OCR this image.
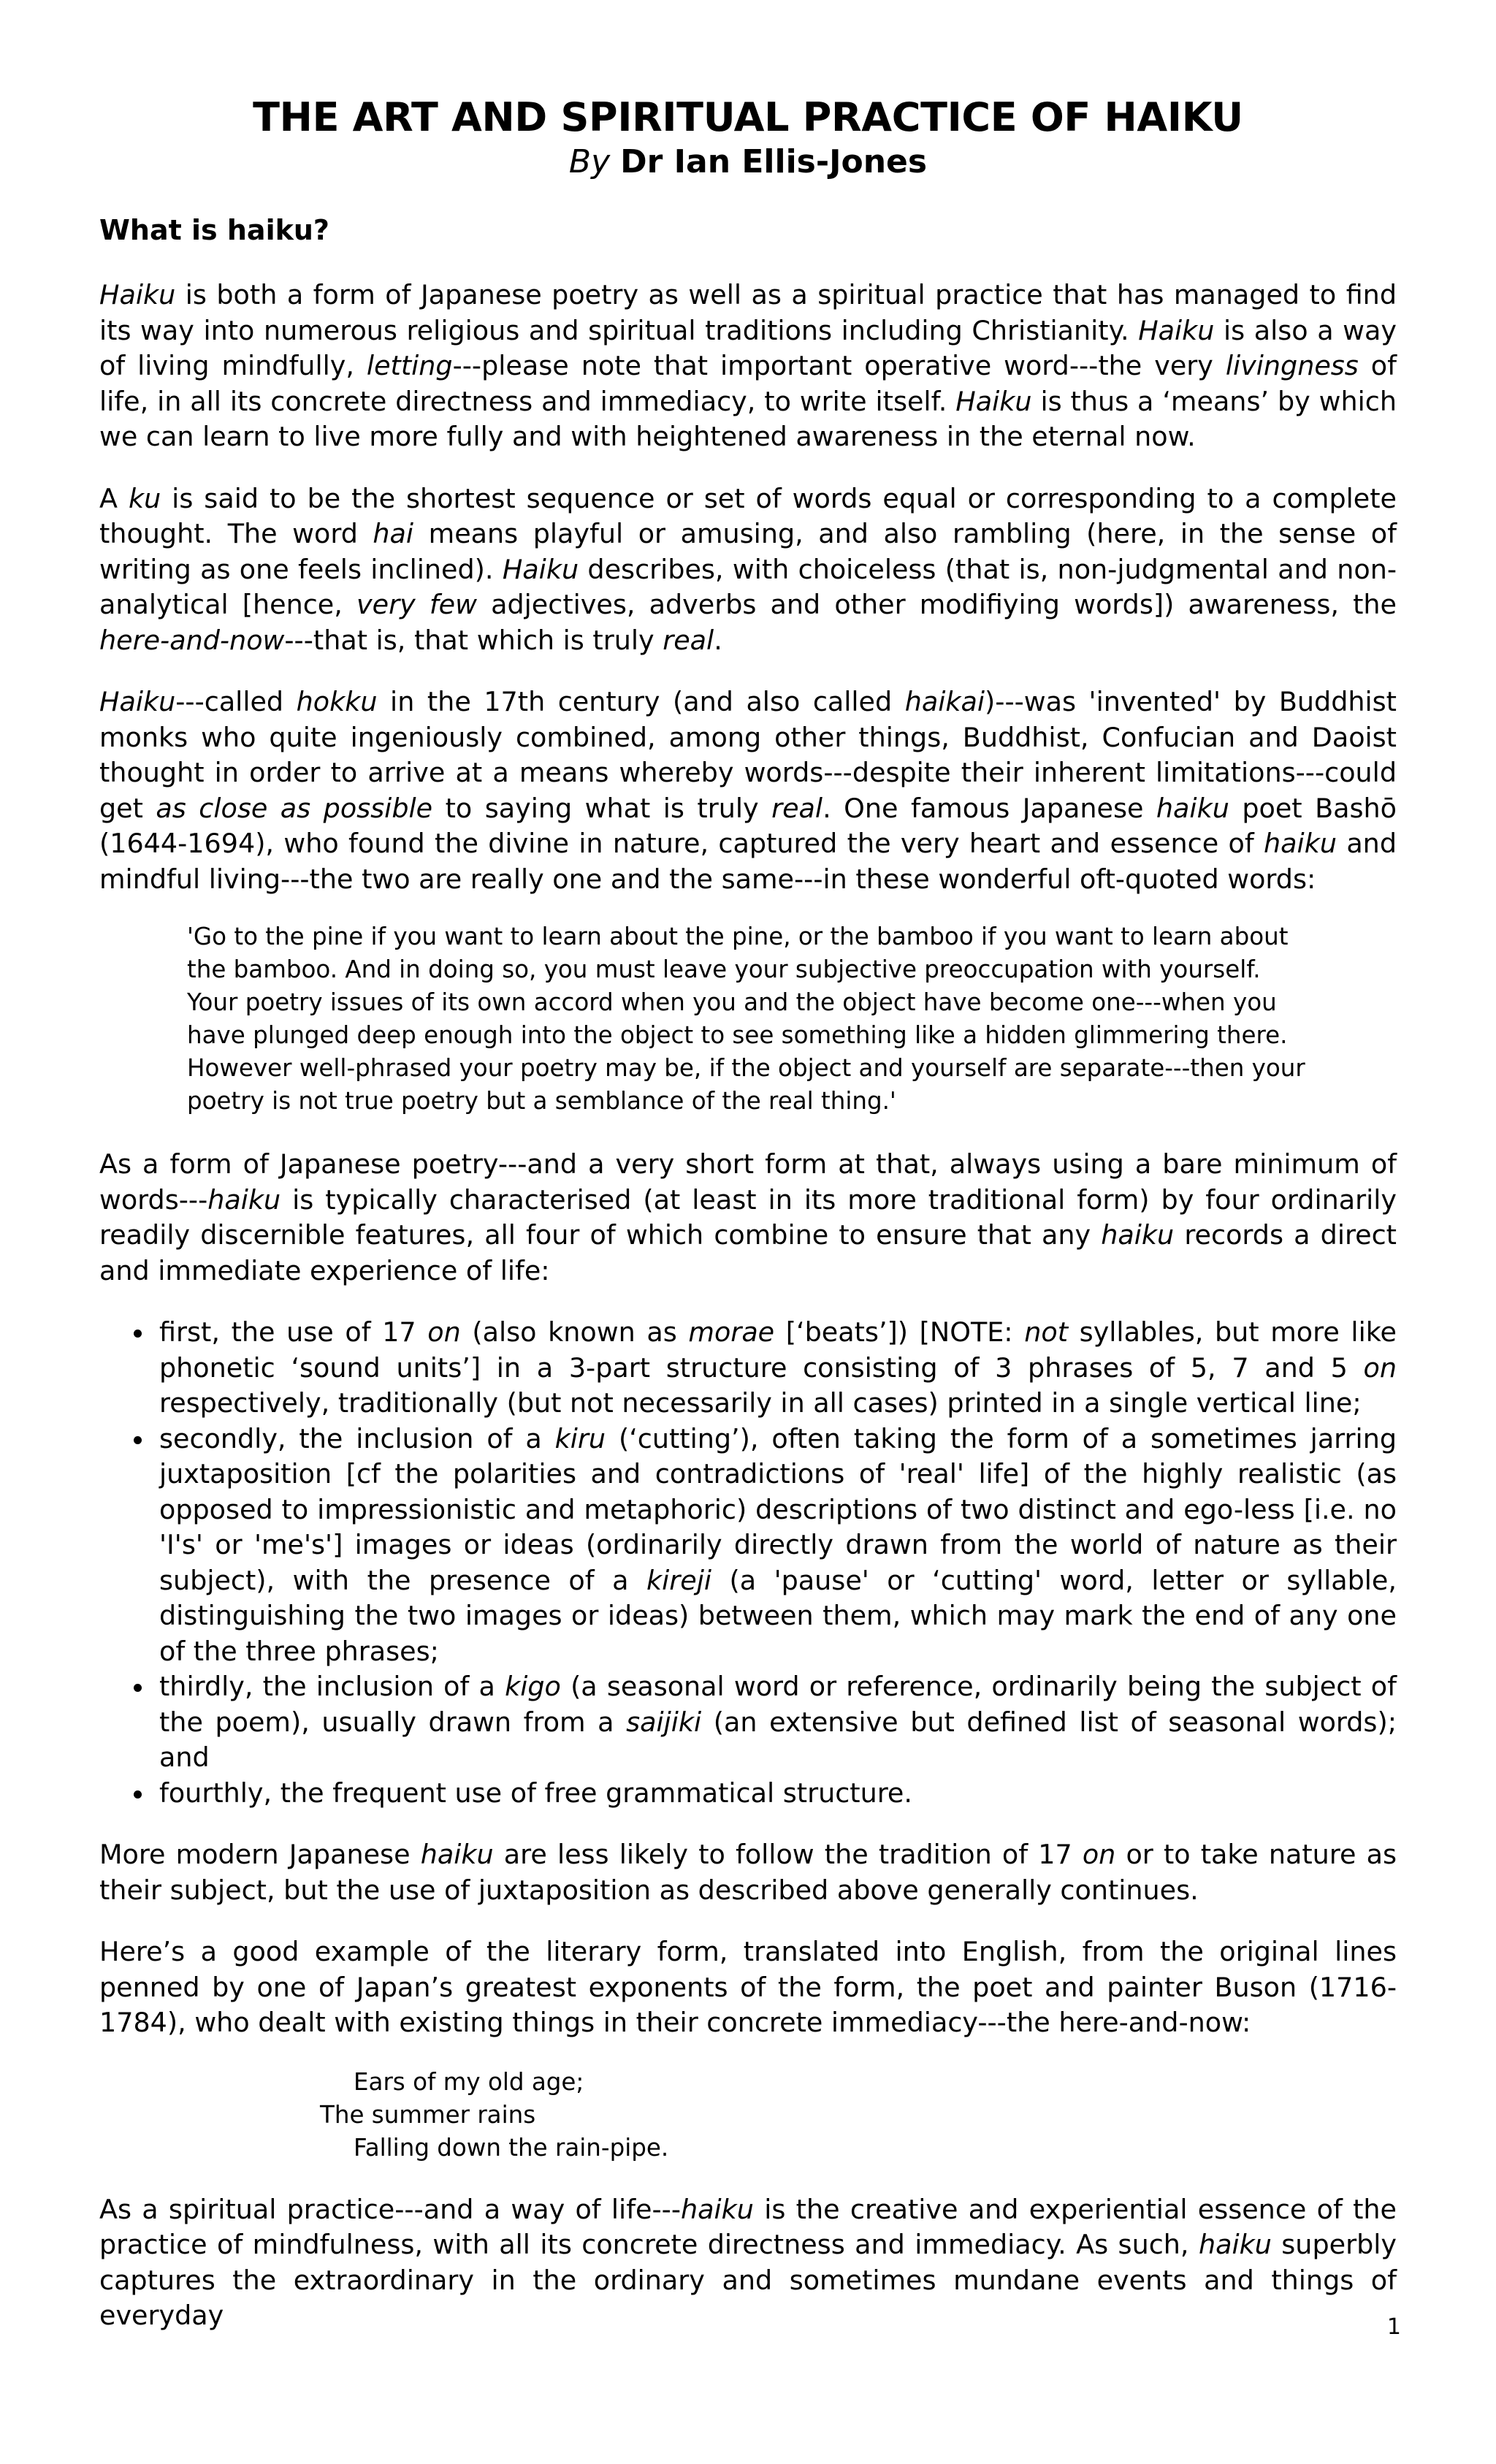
THE ART AND SPIRITUAL PRACTICE OF HAIKU
By Dr Ian Ellis-Jones
What is haiku?

Haiku is both a form of Japanese poetry as well as a spiritual practice that has managed to find its way into numerous religious and spiritual traditions including Christianity. Haiku is also a way of living mindfully, letting---please note that important operative word---the very livingness of life, in all its concrete directness and immediacy, to write itself. Haiku is thus a ‘means’ by which we can learn to live more fully and with heightened awareness in the eternal now.

A ku is said to be the shortest sequence or set of words equal or corresponding to a complete thought. The word hai means playful or amusing, and also rambling (here, in the sense of writing as one feels inclined). Haiku describes, with choiceless (that is, non-judgmental and non-analytical [hence, very few adjectives, adverbs and other modifiying words]) awareness, the here-and-now---that is, that which is truly real.

Haiku---called hokku in the 17th century (and also called haikai)---was 'invented' by Buddhist monks who quite ingeniously combined, among other things, Buddhist, Confucian and Daoist thought in order to arrive at a means whereby words---despite their inherent limitations---could get as close as possible to saying what is truly real. One famous Japanese haiku poet Bashō (1644-1694), who found the divine in nature, captured the very heart and essence of haiku and mindful living---the two are really one and the same---in these wonderful oft-quoted words:

'Go to the pine if you want to learn about the pine, or the bamboo if you want to learn about the bamboo. And in doing so, you must leave your subjective preoccupation with yourself. Your poetry issues of its own accord when you and the object have become one---when you have plunged deep enough into the object to see something like a hidden glimmering there. However well-phrased your poetry may be, if the object and yourself are separate---then your poetry is not true poetry but a semblance of the real thing.'

As a form of Japanese poetry---and a very short form at that, always using a bare minimum of words---haiku is typically characterised (at least in its more traditional form) by four ordinarily readily discernible features, all four of which combine to ensure that any haiku records a direct and immediate experience of life:

• first, the use of 17 on (also known as morae [‘beats’]) [NOTE: not syllables, but more like phonetic ‘sound units’] in a 3-part structure consisting of 3 phrases of 5, 7 and 5 on respectively, traditionally (but not necessarily in all cases) printed in a single vertical line;
• secondly, the inclusion of a kiru (‘cutting’), often taking the form of a sometimes jarring juxtaposition [cf the polarities and contradictions of 'real' life] of the highly realistic (as opposed to impressionistic and metaphoric) descriptions of two distinct and ego-less [i.e. no 'I's' or 'me's'] images or ideas (ordinarily directly drawn from the world of nature as their subject), with the presence of a kireji (a 'pause' or ‘cutting' word, letter or syllable, distinguishing the two images or ideas) between them, which may mark the end of any one of the three phrases;
• thirdly, the inclusion of a kigo (a seasonal word or reference, ordinarily being the subject of the poem), usually drawn from a saijiki (an extensive but defined list of seasonal words); and
• fourthly, the frequent use of free grammatical structure.

More modern Japanese haiku are less likely to follow the tradition of 17 on or to take nature as their subject, but the use of juxtaposition as described above generally continues.

Here’s a good example of the literary form, translated into English, from the original lines penned by one of Japan’s greatest exponents of the form, the poet and painter Buson (1716-1784), who dealt with existing things in their concrete immediacy---the here-and-now:

Ears of my old age;
The summer rains
Falling down the rain-pipe.

As a spiritual practice---and a way of life---haiku is the creative and experiential essence of the practice of mindfulness, with all its concrete directness and immediacy. As such, haiku superbly captures the extraordinary in the ordinary and sometimes mundane events and things of everyday	1
